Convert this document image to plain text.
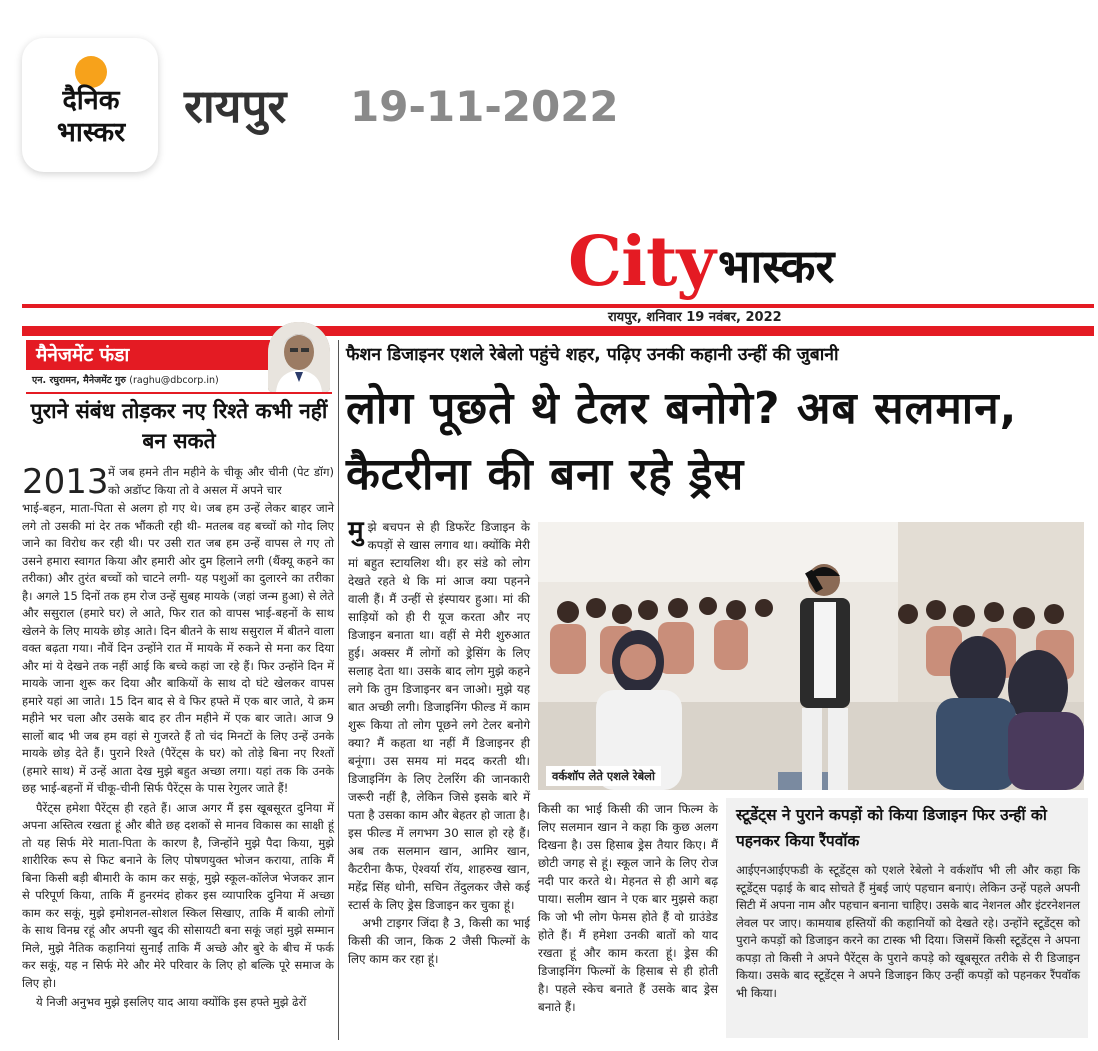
दैनिक
भास्कर	रायपुर 19-11-2022
City भास्कर
रायपुर, शनिवार 19 नवंबर, 2022
मैनेजमेंट फंडा
एन. रघुरामन, मैनेजमेंट गुरु (raghu@dbcorp.in)
पुराने संबंध तोड़कर नए रिश्ते कभी नहीं बन सकते
2013 में जब हमने तीन महीने के चीकू और चीनी (पेट डॉग) को अडॉप्ट किया तो वे असल में अपने चार

भाई-बहन, माता-पिता से अलग हो गए थे। जब हम उन्हें लेकर बाहर जाने लगे तो उसकी मां देर तक भौंकती रही थी- मतलब वह बच्चों को गोद लिए जाने का विरोध कर रही थी। पर उसी रात जब हम उन्हें वापस ले गए तो उसने हमारा स्वागत किया और हमारी ओर दुम हिलाने लगी (थैंक्यू कहने का तरीका) और तुरंत बच्चों को चाटने लगी- यह पशुओं का दुलारने का तरीका है। अगले 15 दिनों तक हम रोज उन्हें सुबह मायके (जहां जन्म हुआ) से लेते और ससुराल (हमारे घर) ले आते, फिर रात को वापस भाई-बहनों के साथ खेलने के लिए मायके छोड़ आते। दिन बीतने के साथ ससुराल में बीतने वाला वक्त बढ़ता गया। नौवें दिन उन्होंने रात में मायके में रुकने से मना कर दिया और मां ये देखने तक नहीं आई कि बच्चे कहां जा रहे हैं। फिर उन्होंने दिन में मायके जाना शुरू कर दिया और बाकियों के साथ दो घंटे खेलकर वापस हमारे यहां आ जाते। 15 दिन बाद से वे फिर हफ्ते में एक बार जाते, ये क्रम महीने भर चला और उसके बाद हर तीन महीने में एक बार जाते। आज 9 सालों बाद भी जब हम वहां से गुजरते हैं तो चंद मिनटों के लिए उन्हें उनके मायके छोड़ देते हैं। पुराने रिश्ते (पैरेंट्स के घर) को तोड़े बिना नए रिश्तों (हमारे साथ) में उन्हें आता देख मुझे बहुत अच्छा लगा। यहां तक कि उनके छह भाई-बहनों में चीकू-चीनी सिर्फ पैरेंट्स के पास रेगुलर जाते हैं!

पैरेंट्स हमेशा पैरेंट्स ही रहते हैं। आज अगर मैं इस खूबसूरत दुनिया में अपना अस्तित्व रखता हूं और बीते छह दशकों से मानव विकास का साक्षी हूं तो यह सिर्फ मेरे माता-पिता के कारण है, जिन्होंने मुझे पैदा किया, मुझे शारीरिक रूप से फिट बनाने के लिए पोषणयुक्त भोजन कराया, ताकि मैं बिना किसी बड़ी बीमारी के काम कर सकूं, मुझे स्कूल-कॉलेज भेजकर ज्ञान से परिपूर्ण किया, ताकि मैं हुनरमंद होकर इस व्यापारिक दुनिया में अच्छा काम कर सकूं, मुझे इमोशनल-सोशल स्किल सिखाए, ताकि मैं बाकी लोगों के साथ विनम्र रहूं और अपनी खुद की सोसायटी बना सकूं जहां मुझे सम्मान मिले, मुझे नैतिक कहानियां सुनाईं ताकि मैं अच्छे और बुरे के बीच में फर्क कर सकूं, यह न सिर्फ मेरे और मेरे परिवार के लिए हो बल्कि पूरे समाज के लिए हो।

ये निजी अनुभव मुझे इसलिए याद आया क्योंकि इस हफ्ते मुझे ढेरों

फैशन डिजाइनर एशले रेबेलो पहुंचे शहर, पढ़िए उनकी कहानी उन्हीं की जुबानी
लोग पूछते थे टेलर बनोगे? अब सलमान, कैटरीना की बना रहे ड्रेस
मु झे बचपन से ही डिफरेंट डिजाइन के कपड़ों से खास लगाव था। क्योंकि मेरी मां बहुत स्टायलिश थी। हर संडे को लोग देखते रहते थे कि मां आज क्या पहनने वाली हैं। मैं उन्हीं से इंस्पायर हुआ। मां की साड़ियों को ही री यूज करता और नए डिजाइन बनाता था। वहीं से मेरी शुरुआत हुई। अक्सर मैं लोगों को ड्रेसिंग के लिए सलाह देता था। उसके बाद लोग मुझे कहने लगे कि तुम डिजाइनर बन जाओ। मुझे यह बात अच्छी लगी। डिजाइनिंग फील्ड में काम शुरू किया तो लोग पूछने लगे टेलर बनोगे क्या? मैं कहता था नहीं मैं डिजाइनर ही बनूंगा। उस समय मां मदद करती थी। डिजाइनिंग के लिए टेलरिंग की जानकारी जरूरी नहीं है, लेकिन जिसे इसके बारे में पता है उसका काम और बेहतर हो जाता है। इस फील्ड में लगभग 30 साल हो रहे हैं। अब तक सलमान खान, आमिर खान, कैटरीना कैफ, ऐश्वर्या रॉय, शाहरुख खान, महेंद्र सिंह धोनी, सचिन तेंदुलकर जैसे कई स्टार्स के लिए ड्रेस डिजाइन कर चुका हूं।

अभी टाइगर जिंदा है 3, किसी का भाई किसी की जान, किक 2 जैसी फिल्मों के लिए काम कर रहा हूं।

वर्कशॉप लेते एशले रेबेलो

किसी का भाई किसी की जान फिल्म के लिए सलमान खान ने कहा कि कुछ अलग दिखना है। उस हिसाब ड्रेस तैयार किए। मैं छोटी जगह से हूं। स्कूल जाने के लिए रोज नदी पार करते थे। मेहनत से ही आगे बढ़ पाया। सलीम खान ने एक बार मुझसे कहा कि जो भी लोग फेमस होते हैं वो ग्राउंडेड होते हैं। मैं हमेशा उनकी बातों को याद रखता हूं और काम करता हूं। ड्रेस की डिजाइनिंग फिल्मों के हिसाब से ही होती है। पहले स्केच बनाते हैं उसके बाद ड्रेस बनाते हैं।

स्टूडेंट्स ने पुराने कपड़ों को किया डिजाइन फिर उन्हीं को पहनकर किया रैंपवॉक
आईएनआईएफडी के स्टूडेंट्स को एशले रेबेलो ने वर्कशॉप भी ली और कहा कि स्टूडेंट्स पढ़ाई के बाद सोचते हैं मुंबई जाएं पहचान बनाएं। लेकिन उन्हें पहले अपनी सिटी में अपना नाम और पहचान बनाना चाहिए। उसके बाद नेशनल और इंटरनेशनल लेवल पर जाए। कामयाब हस्तियों की कहानियों को देखते रहे। उन्होंने स्टूडेंट्स को पुराने कपड़ों को डिजाइन करने का टास्क भी दिया। जिसमें किसी स्टूडेंट्स ने अपना कपड़ा तो किसी ने अपने पैरेंट्स के पुराने कपड़े को खूबसूरत तरीके से री डिजाइन किया। उसके बाद स्टूडेंट्स ने अपने डिजाइन किए उन्हीं कपड़ों को पहनकर रैंपवॉक भी किया।
